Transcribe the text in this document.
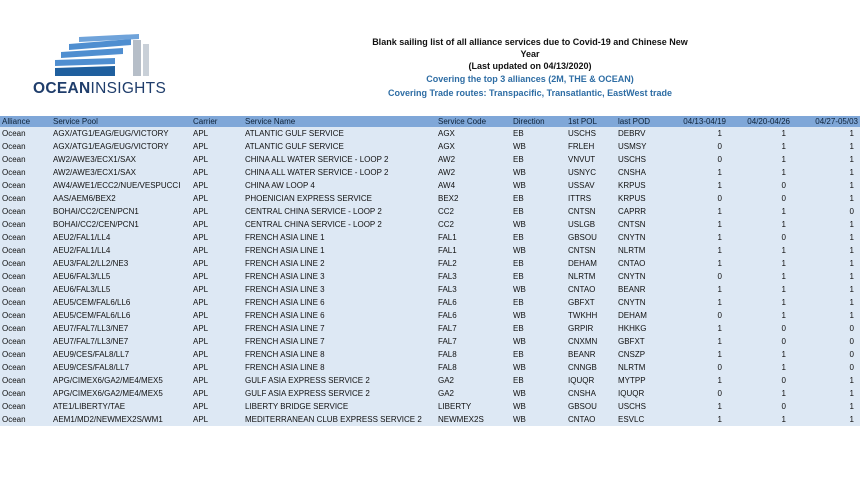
OCEANINSIGHTS
Blank sailing list of all alliance services due to Covid-19 and Chinese New Year
(Last updated on 04/13/2020)
Covering the top 3 alliances (2M, THE & OCEAN)
Covering Trade routes: Transpacific, Transatlantic, EastWest trade
Alliance	Service Pool	Carrier	Service Name	Service Code	Direction	1st POL	last POD	04/13-04/19	04/20-04/26	04/27-05/03
Ocean	AGX/ATG1/EAG/EUG/VICTORY	APL	ATLANTIC GULF SERVICE	AGX	EB	USCHS	DEBRV	1	1	1
Ocean	AGX/ATG1/EAG/EUG/VICTORY	APL	ATLANTIC GULF SERVICE	AGX	WB	FRLEH	USMSY	0	1	1
Ocean	AW2/AWE3/ECX1/SAX	APL	CHINA ALL WATER SERVICE - LOOP 2	AW2	EB	VNVUT	USCHS	0	1	1
Ocean	AW2/AWE3/ECX1/SAX	APL	CHINA ALL WATER SERVICE - LOOP 2	AW2	WB	USNYC	CNSHA	1	1	1
Ocean	AW4/AWE1/ECC2/NUE/VESPUCCI	APL	CHINA AW LOOP 4	AW4	WB	USSAV	KRPUS	1	0	1
Ocean	AAS/AEM6/BEX2	APL	PHOENICIAN EXPRESS SERVICE	BEX2	EB	ITTRS	KRPUS	0	0	1
Ocean	BOHAI/CC2/CEN/PCN1	APL	CENTRAL CHINA SERVICE - LOOP 2	CC2	EB	CNTSN	CAPRR	1	1	0
Ocean	BOHAI/CC2/CEN/PCN1	APL	CENTRAL CHINA SERVICE - LOOP 2	CC2	WB	USLGB	CNTSN	1	1	1
Ocean	AEU2/FAL1/LL4	APL	FRENCH ASIA LINE 1	FAL1	EB	GBSOU	CNYTN	1	0	1
Ocean	AEU2/FAL1/LL4	APL	FRENCH ASIA LINE 1	FAL1	WB	CNTSN	NLRTM	1	1	1
Ocean	AEU3/FAL2/LL2/NE3	APL	FRENCH ASIA LINE 2	FAL2	EB	DEHAM	CNTAO	1	1	1
Ocean	AEU6/FAL3/LL5	APL	FRENCH ASIA LINE 3	FAL3	EB	NLRTM	CNYTN	0	1	1
Ocean	AEU6/FAL3/LL5	APL	FRENCH ASIA LINE 3	FAL3	WB	CNTAO	BEANR	1	1	1
Ocean	AEU5/CEM/FAL6/LL6	APL	FRENCH ASIA LINE 6	FAL6	EB	GBFXT	CNYTN	1	1	1
Ocean	AEU5/CEM/FAL6/LL6	APL	FRENCH ASIA LINE 6	FAL6	WB	TWKHH	DEHAM	0	1	1
Ocean	AEU7/FAL7/LL3/NE7	APL	FRENCH ASIA LINE 7	FAL7	EB	GRPIR	HKHKG	1	0	0
Ocean	AEU7/FAL7/LL3/NE7	APL	FRENCH ASIA LINE 7	FAL7	WB	CNXMN	GBFXT	1	0	0
Ocean	AEU9/CES/FAL8/LL7	APL	FRENCH ASIA LINE 8	FAL8	EB	BEANR	CNSZP	1	1	0
Ocean	AEU9/CES/FAL8/LL7	APL	FRENCH ASIA LINE 8	FAL8	WB	CNNGB	NLRTM	0	1	0
Ocean	APG/CIMEX6/GA2/ME4/MEX5	APL	GULF ASIA EXPRESS SERVICE 2	GA2	EB	IQUQR	MYTPP	1	0	1
Ocean	APG/CIMEX6/GA2/ME4/MEX5	APL	GULF ASIA EXPRESS SERVICE 2	GA2	WB	CNSHA	IQUQR	0	1	1
Ocean	ATE1/LIBERTY/TAE	APL	LIBERTY BRIDGE SERVICE	LIBERTY	WB	GBSOU	USCHS	1	0	1
Ocean	AEM1/MD2/NEWMEX2S/WM1	APL	MEDITERRANEAN CLUB EXPRESS SERVICE 2	NEWMEX2S	WB	CNTAO	ESVLC	1	1	1
